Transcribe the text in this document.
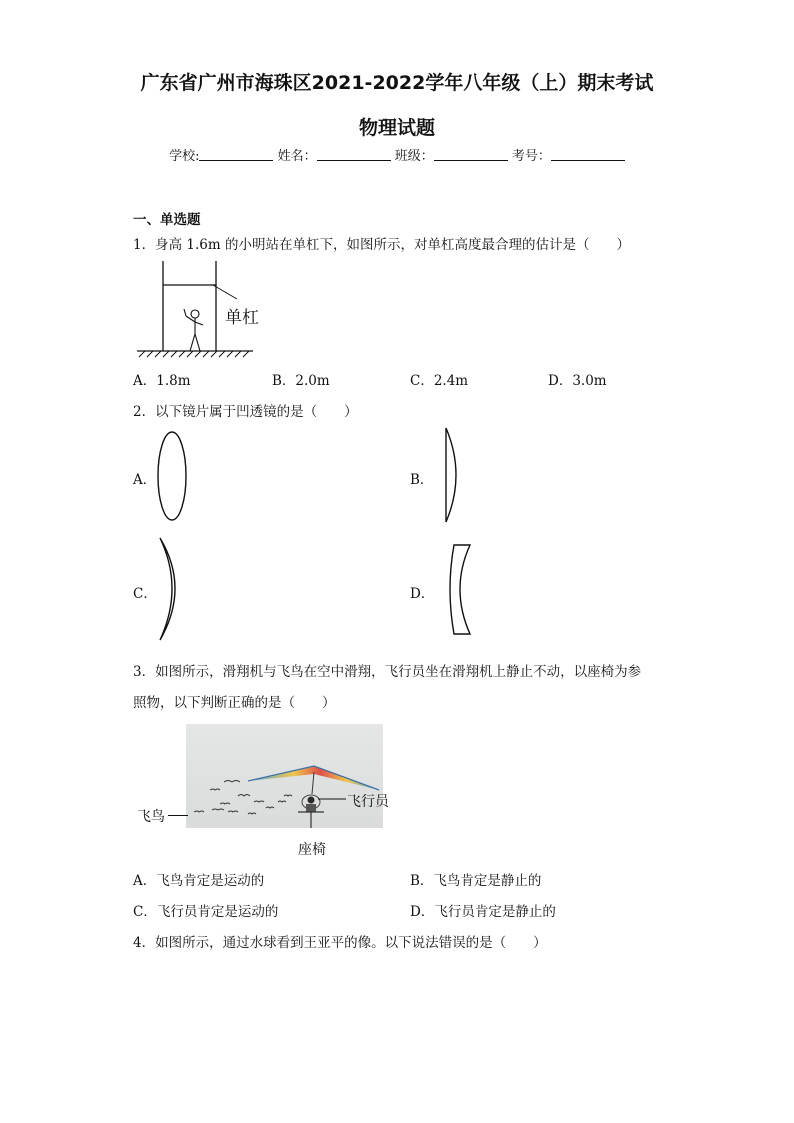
广东省广州市海珠区2021-2022学年八年级（上）期末考试
物理试题
学校:	姓名：	班级：	考号：
一、单选题
1．身高 1.6m 的小明站在单杠下，如图所示，对单杠高度最合理的估计是（　　）
单杠
A．1.8m	B．2.0m	C．2.4m	D．3.0m
2．以下镜片属于凹透镜的是（　　）
A．	B．
C．	D．
3．如图所示，滑翔机与飞鸟在空中滑翔，飞行员坐在滑翔机上静止不动，以座椅为参
照物，以下判断正确的是（　　）
飞鸟
飞行员
座椅
A．飞鸟肯定是运动的	B．飞鸟肯定是静止的
C．飞行员肯定是运动的	D．飞行员肯定是静止的
4．如图所示，通过水球看到王亚平的像。以下说法错误的是（　　）
